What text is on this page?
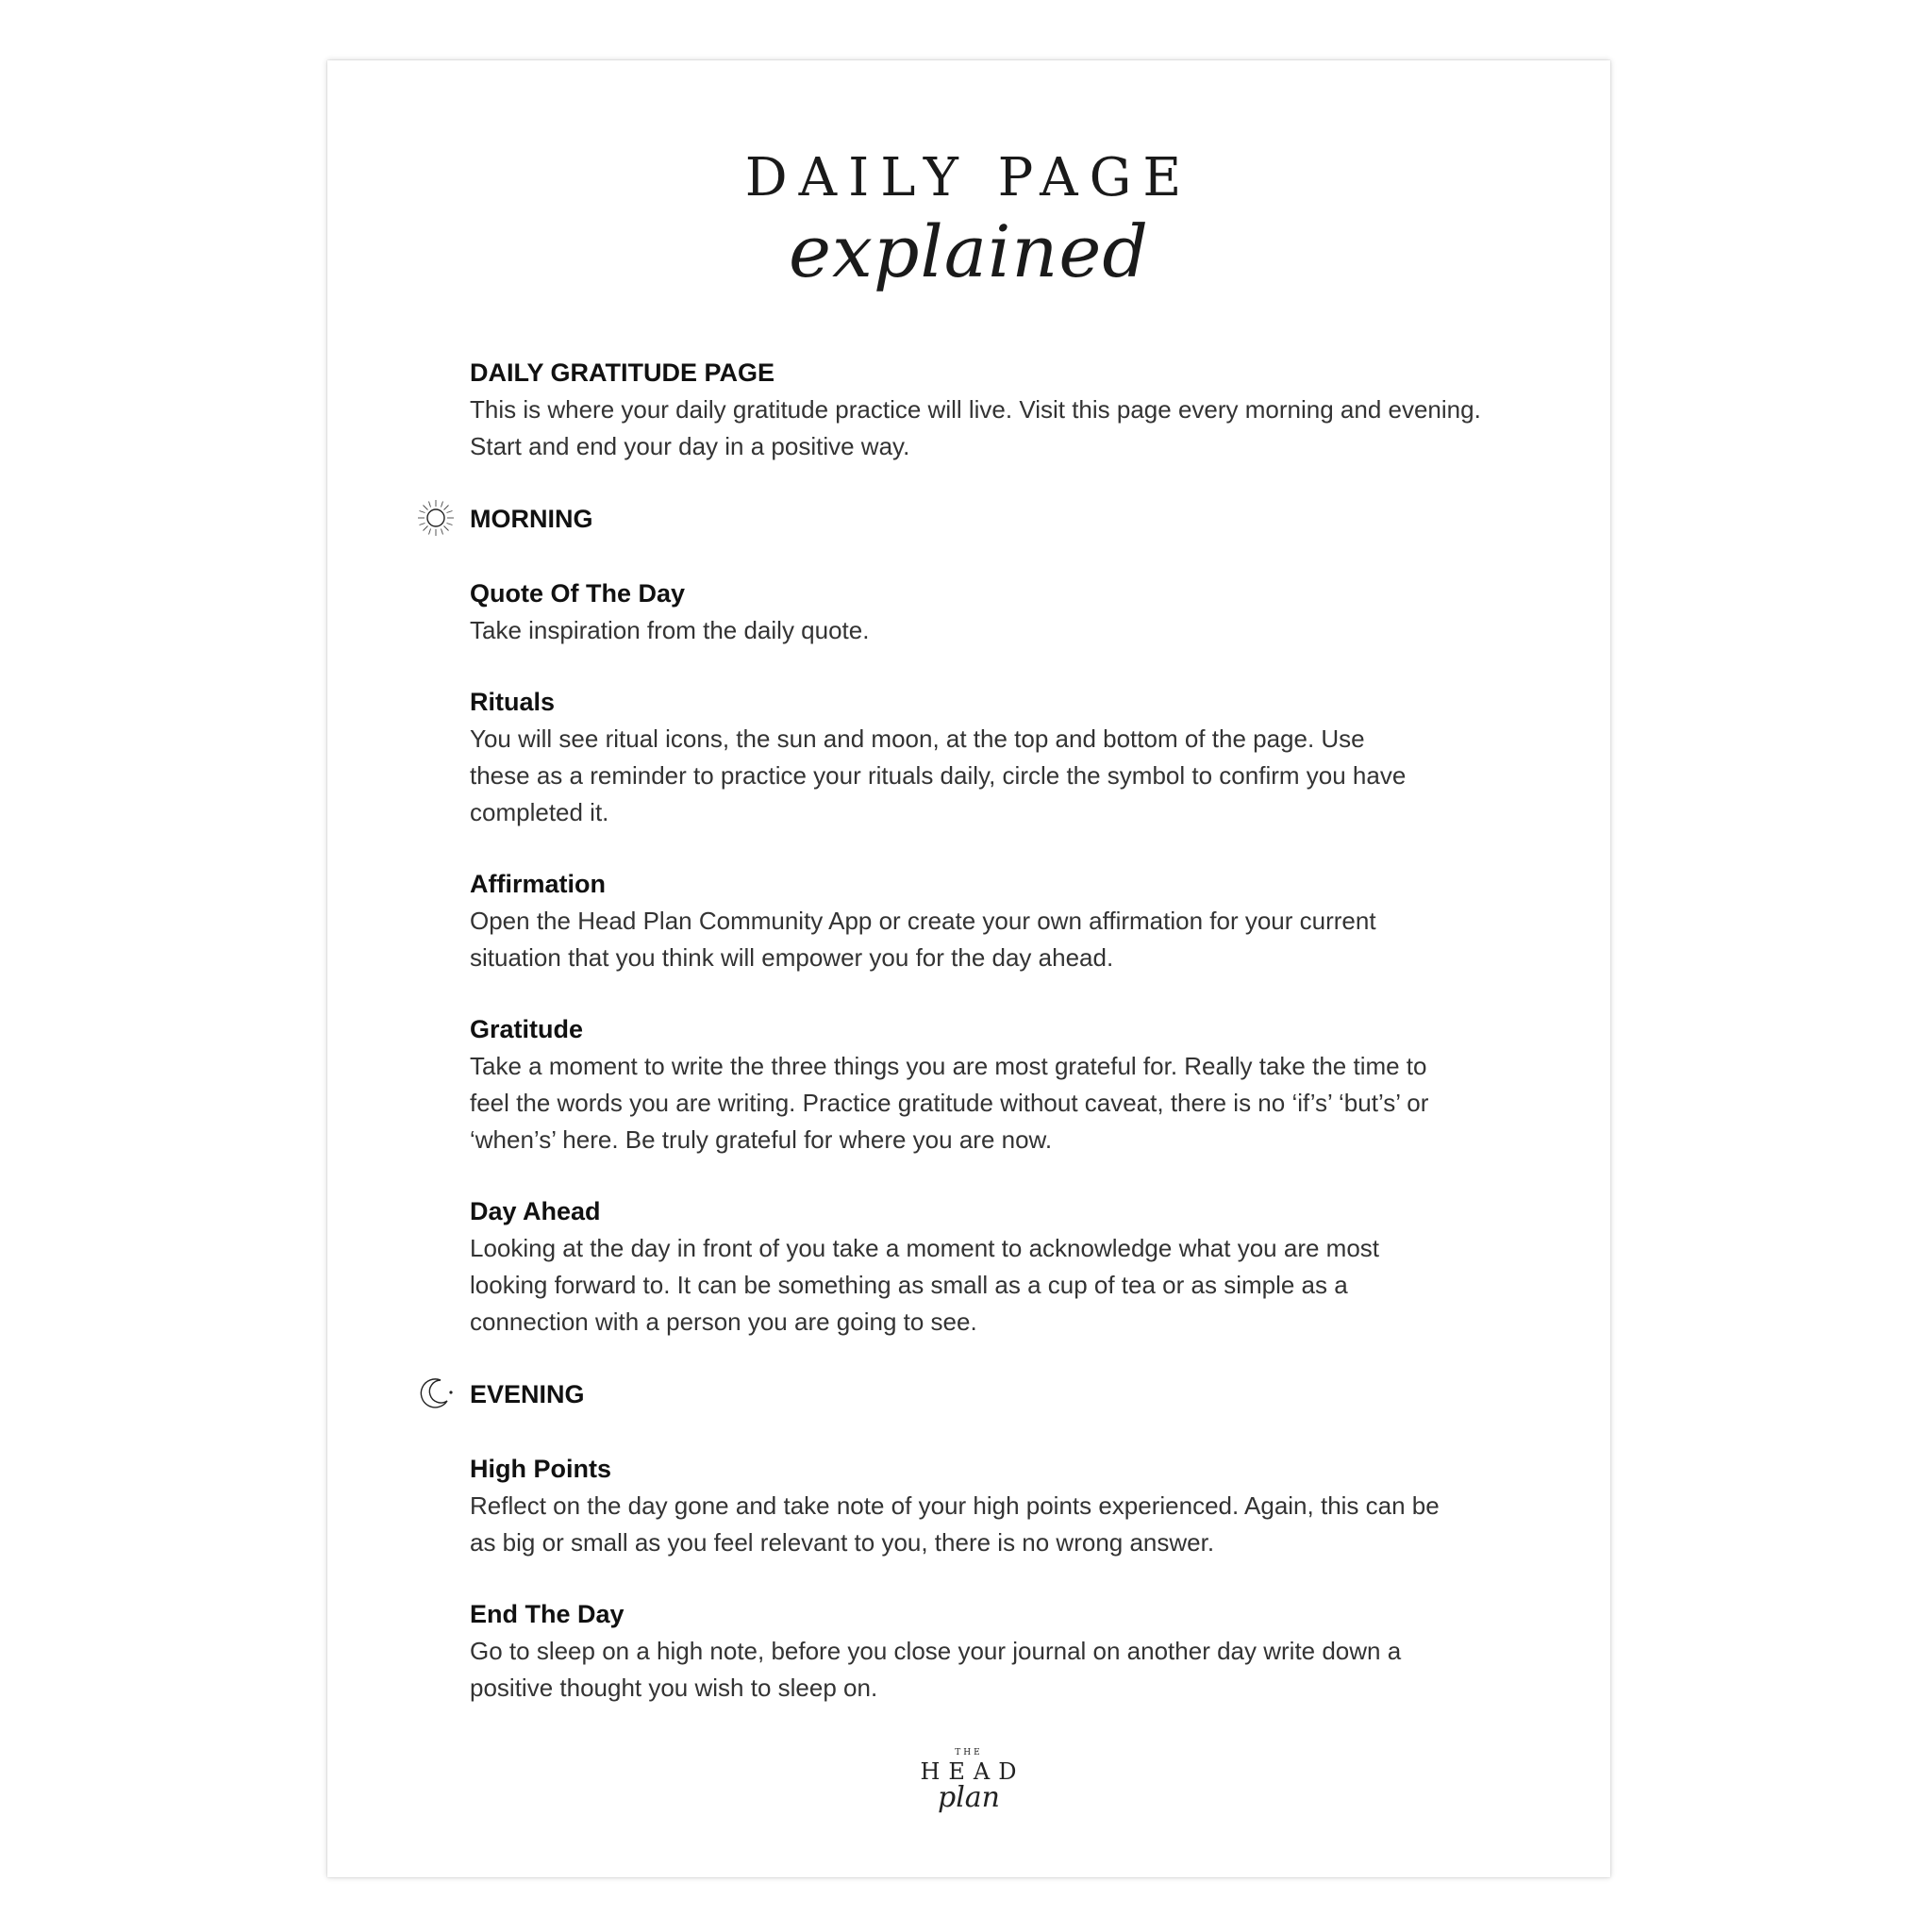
DAILY PAGE
explained

DAILY GRATITUDE PAGE

This is where your daily gratitude practice will live. Visit this page every morning and evening.

Start and end your day in a positive way.

MORNING

Quote Of The Day

Take inspiration from the daily quote.

Rituals

You will see ritual icons, the sun and moon, at the top and bottom of the page. Use

these as a reminder to practice your rituals daily, circle the symbol to confirm you have

completed it.

Affirmation

Open the Head Plan Community App or create your own affirmation for your current

situation that you think will empower you for the day ahead.

Gratitude

Take a moment to write the three things you are most grateful for. Really take the time to

feel the words you are writing. Practice gratitude without caveat, there is no ‘if’s’ ‘but’s’ or

‘when’s’ here. Be truly grateful for where you are now.

Day Ahead

Looking at the day in front of you take a moment to acknowledge what you are most

looking forward to. It can be something as small as a cup of tea or as simple as a

connection with a person you are going to see.

EVENING

High Points

Reflect on the day gone and take note of your high points experienced. Again, this can be

as big or small as you feel relevant to you, there is no wrong answer.

End The Day

Go to sleep on a high note, before you close your journal on another day write down a

positive thought you wish to sleep on.

THE
HEAD
plan
